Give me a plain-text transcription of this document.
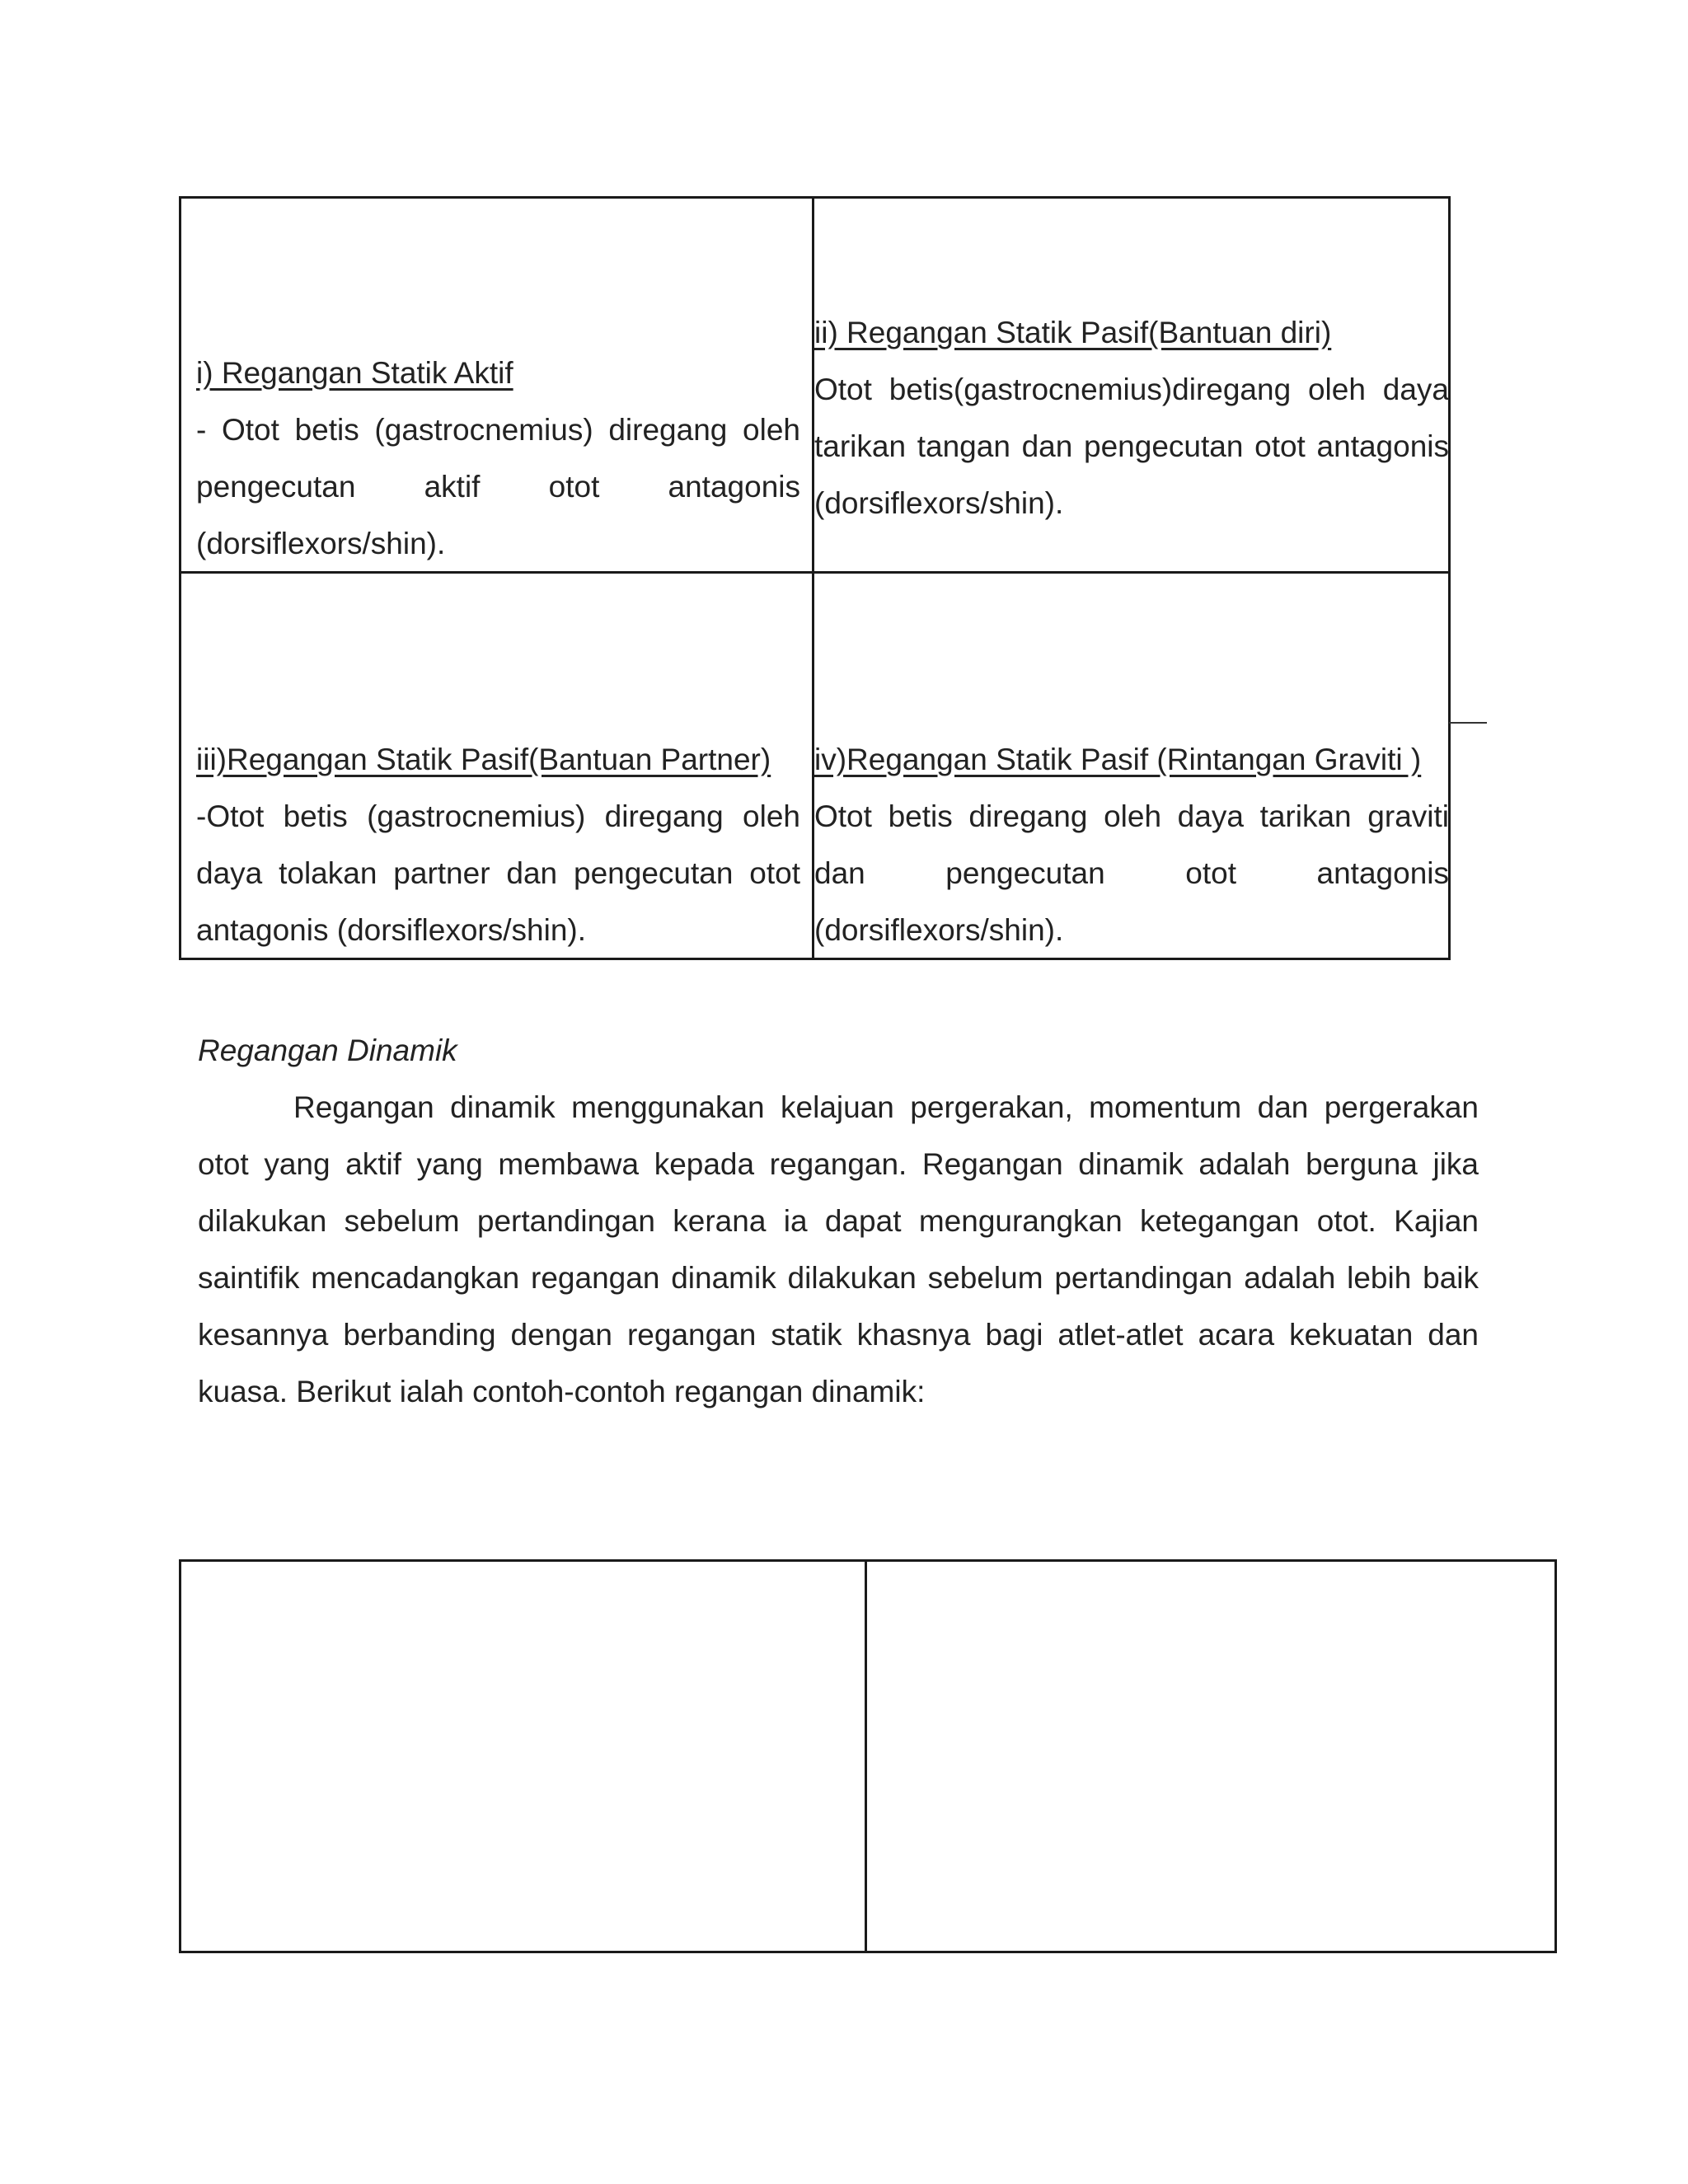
i) Regangan Statik Aktif

- Otot betis (gastrocnemius) diregang oleh pengecutan aktif otot antagonis (dorsiflexors/shin).

ii) Regangan Statik Pasif(Bantuan diri)

Otot betis(gastrocnemius)diregang oleh daya tarikan tangan dan pengecutan otot antagonis (dorsiflexors/shin).

iii)Regangan Statik Pasif(Bantuan Partner)

-Otot betis (gastrocnemius) diregang oleh daya tolakan partner dan pengecutan otot antagonis (dorsiflexors/shin).

iv)Regangan Statik Pasif (Rintangan Graviti )

Otot betis diregang oleh daya tarikan graviti dan pengecutan otot antagonis (dorsiflexors/shin).

Regangan Dinamik

Regangan dinamik menggunakan kelajuan pergerakan, momentum dan pergerakan otot yang aktif yang membawa kepada regangan. Regangan dinamik adalah berguna jika dilakukan sebelum pertandingan kerana ia dapat mengurangkan ketegangan otot. Kajian saintifik mencadangkan regangan dinamik dilakukan sebelum pertandingan adalah lebih baik kesannya berbanding dengan regangan statik khasnya bagi atlet-atlet acara kekuatan dan kuasa. Berikut ialah contoh-contoh regangan dinamik:
